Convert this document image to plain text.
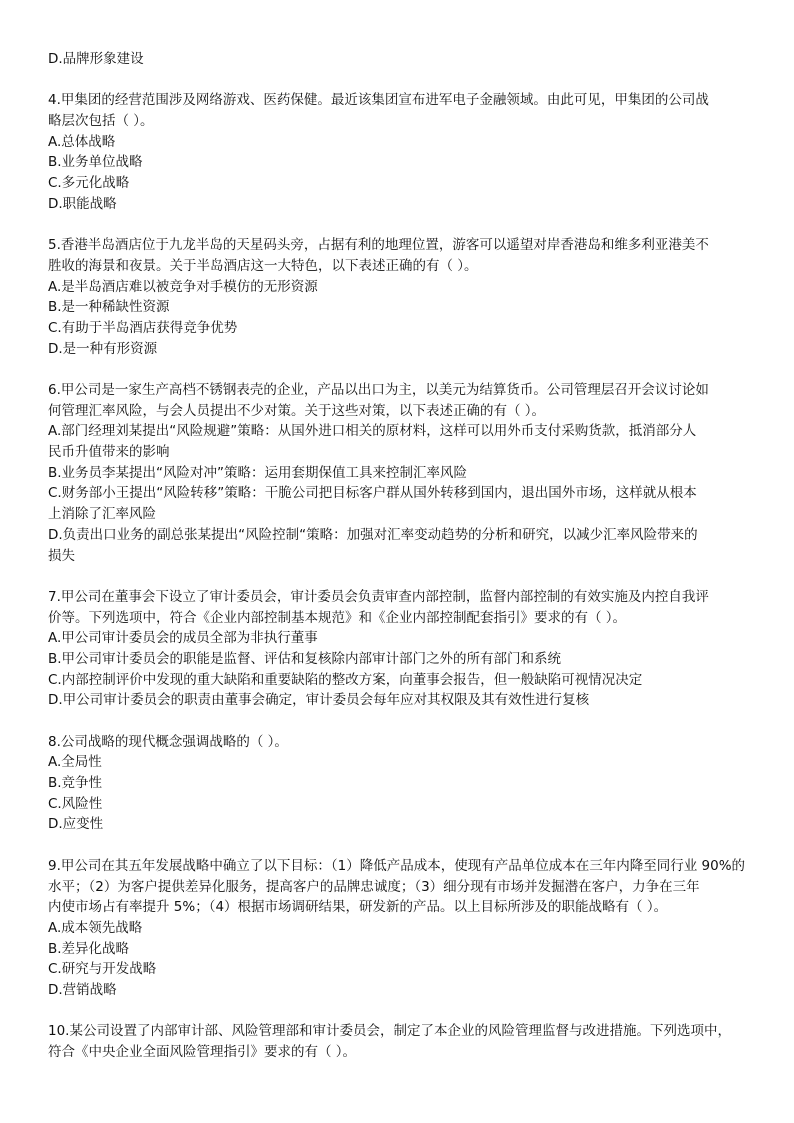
D.品牌形象建设
4.甲集团的经营范围涉及网络游戏、医药保健。最近该集团宣布进军电子金融领域。由此可见，甲集团的公司战
略层次包括（ ）。
A.总体战略
B.业务单位战略
C.多元化战略
D.职能战略
5.香港半岛酒店位于九龙半岛的天星码头旁，占据有利的地理位置，游客可以遥望对岸香港岛和维多利亚港美不
胜收的海景和夜景。关于半岛酒店这一大特色，以下表述正确的有（ ）。
A.是半岛酒店难以被竞争对手模仿的无形资源
B.是一种稀缺性资源
C.有助于半岛酒店获得竞争优势
D.是一种有形资源
6.甲公司是一家生产高档不锈钢表壳的企业，产品以出口为主，以美元为结算货币。公司管理层召开会议讨论如
何管理汇率风险，与会人员提出不少对策。关于这些对策，以下表述正确的有（ ）。
A.部门经理刘某提出“风险规避”策略：从国外进口相关的原材料，这样可以用外币支付采购货款，抵消部分人
民币升值带来的影响
B.业务员李某提出“风险对冲”策略：运用套期保值工具来控制汇率风险
C.财务部小王提出“风险转移”策略：干脆公司把目标客户群从国外转移到国内，退出国外市场，这样就从根本
上消除了汇率风险
D.负责出口业务的副总张某提出“风险控制“策略：加强对汇率变动趋势的分析和研究，以减少汇率风险带来的
损失
7.甲公司在董事会下设立了审计委员会，审计委员会负责审查内部控制，监督内部控制的有效实施及内控自我评
价等。下列选项中，符合《企业内部控制基本规范》和《企业内部控制配套指引》要求的有（ ）。
A.甲公司审计委员会的成员全部为非执行董事
B.甲公司审计委员会的职能是监督、评估和复核除内部审计部门之外的所有部门和系统
C.内部控制评价中发现的重大缺陷和重要缺陷的整改方案，向董事会报告，但一般缺陷可视情况决定
D.甲公司审计委员会的职责由董事会确定，审计委员会每年应对其权限及其有效性进行复核
8.公司战略的现代概念强调战略的（ ）。
A.全局性
B.竞争性
C.风险性
D.应变性
9.甲公司在其五年发展战略中确立了以下目标：（1）降低产品成本，使现有产品单位成本在三年内降至同行业 90%的
水平；（2）为客户提供差异化服务，提高客户的品牌忠诚度；（3）细分现有市场并发掘潜在客户，力争在三年
内使市场占有率提升 5%；（4）根据市场调研结果，研发新的产品。以上目标所涉及的职能战略有（ ）。
A.成本领先战略
B.差异化战略
C.研究与开发战略
D.营销战略
10.某公司设置了内部审计部、风险管理部和审计委员会，制定了本企业的风险管理监督与改进措施。下列选项中，
符合《中央企业全面风险管理指引》要求的有（ ）。
